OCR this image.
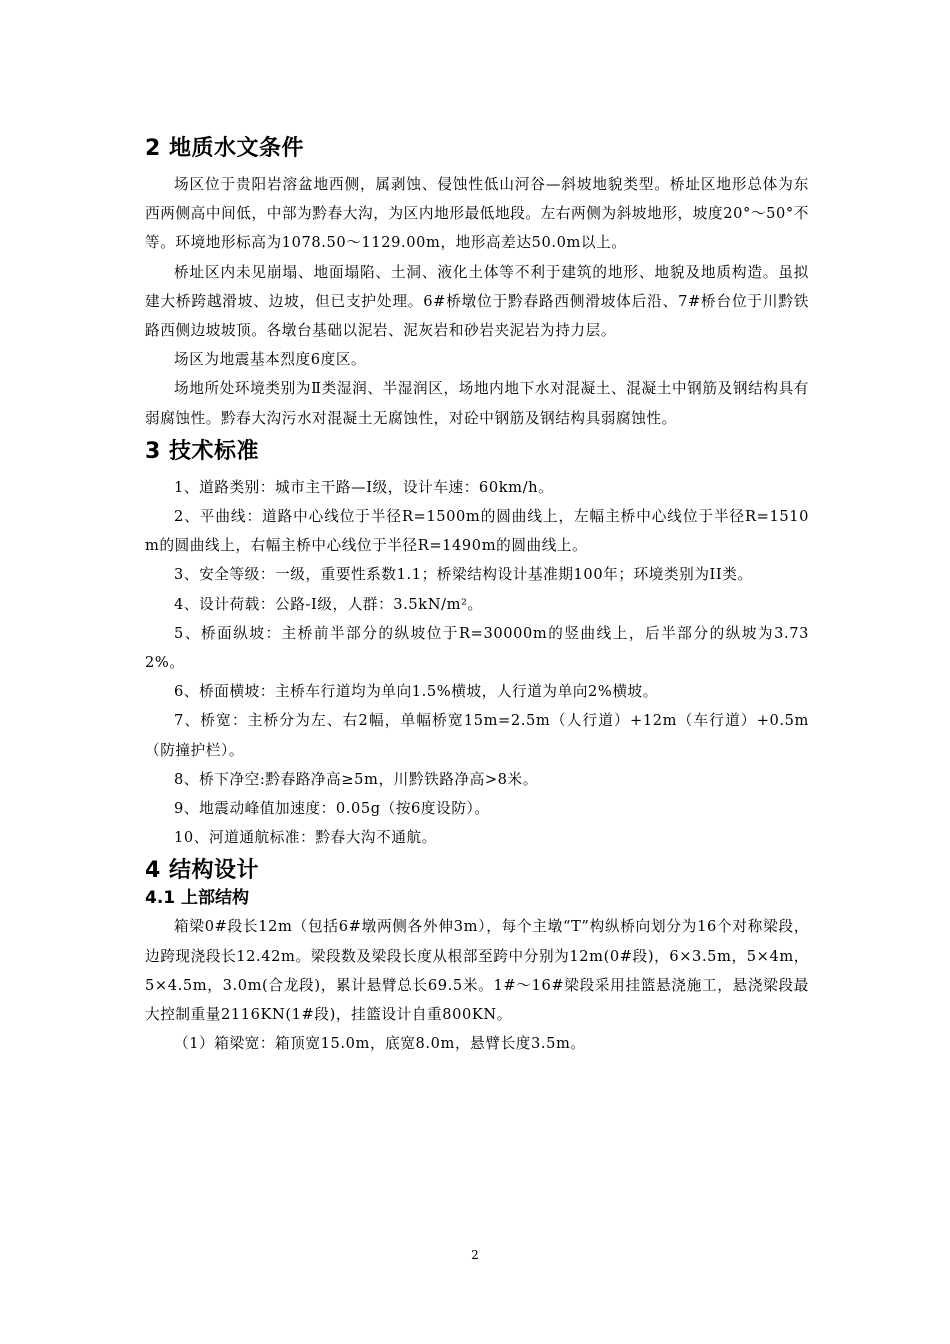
2 地质水文条件

场区位于贵阳岩溶盆地西侧，属剥蚀、侵蚀性低山河谷—斜坡地貌类型。桥址区地形总体为东西两侧高中间低，中部为黔春大沟，为区内地形最低地段。左右两侧为斜坡地形，坡度20°～50°不等。环境地形标高为1078.50～1129.00m，地形高差达50.0m以上。

桥址区内未见崩塌、地面塌陷、土洞、液化土体等不利于建筑的地形、地貌及地质构造。虽拟建大桥跨越滑坡、边坡，但已支护处理。6#桥墩位于黔春路西侧滑坡体后沿、7#桥台位于川黔铁路西侧边坡坡顶。各墩台基础以泥岩、泥灰岩和砂岩夹泥岩为持力层。

场区为地震基本烈度6度区。

场地所处环境类别为Ⅱ类湿润、半湿润区，场地内地下水对混凝土、混凝土中钢筋及钢结构具有弱腐蚀性。黔春大沟污水对混凝土无腐蚀性，对砼中钢筋及钢结构具弱腐蚀性。

3 技术标准

1、道路类别：城市主干路—Ⅰ级，设计车速：60km/h。

2、平曲线：道路中心线位于半径R=1500m的圆曲线上，左幅主桥中心线位于半径R=1510m的圆曲线上，右幅主桥中心线位于半径R=1490m的圆曲线上。

3、安全等级：一级，重要性系数1.1；桥梁结构设计基准期100年；环境类别为II类。

4、设计荷载：公路-Ⅰ级，人群：3.5kN/m²。

5、桥面纵坡：主桥前半部分的纵坡位于R=30000m的竖曲线上，后半部分的纵坡为3.732%。

6、桥面横坡：主桥车行道均为单向1.5%横坡，人行道为单向2%横坡。

7、桥宽：主桥分为左、右2幅，单幅桥宽15m=2.5m（人行道）+12m（车行道）+0.5m（防撞护栏）。

8、桥下净空:黔春路净高≥5m，川黔铁路净高>8米。

9、地震动峰值加速度：0.05g（按6度设防）。

10、河道通航标准：黔春大沟不通航。

4 结构设计
4.1 上部结构

箱梁0#段长12m（包括6#墩两侧各外伸3m），每个主墩“T”构纵桥向划分为16个对称梁段，边跨现浇段长12.42m。梁段数及梁段长度从根部至跨中分别为12m(0#段)，6×3.5m，5×4m，5×4.5m，3.0m(合龙段)，累计悬臂总长69.5米。1#～16#梁段采用挂篮悬浇施工，悬浇梁段最大控制重量2116KN(1#段)，挂篮设计自重800KN。

（1）箱梁宽：箱顶宽15.0m，底宽8.0m，悬臂长度3.5m。

2
